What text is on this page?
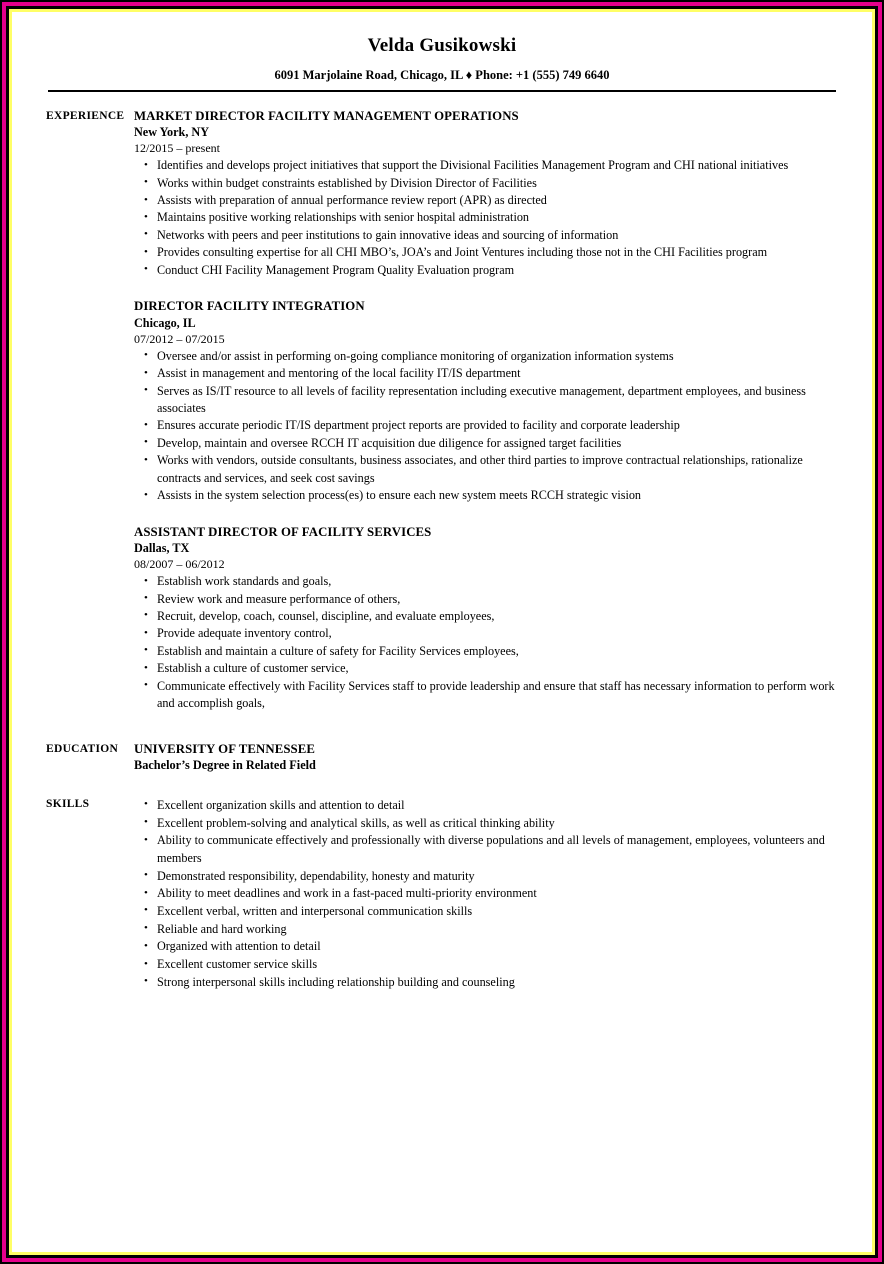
Velda Gusikowski
6091 Marjolaine Road, Chicago, IL ♦ Phone: +1 (555) 749 6640
EXPERIENCE MARKET DIRECTOR FACILITY MANAGEMENT OPERATIONS
New York, NY
12/2015 – present
• Identifies and develops project initiatives that support the Divisional Facilities Management Program and CHI national initiatives
• Works within budget constraints established by Division Director of Facilities
• Assists with preparation of annual performance review report (APR) as directed
• Maintains positive working relationships with senior hospital administration
• Networks with peers and peer institutions to gain innovative ideas and sourcing of information
• Provides consulting expertise for all CHI MBO’s, JOA’s and Joint Ventures including those not in the CHI Facilities program
• Conduct CHI Facility Management Program Quality Evaluation program
DIRECTOR FACILITY INTEGRATION
Chicago, IL
07/2012 – 07/2015
• Oversee and/or assist in performing on-going compliance monitoring of organization information systems
• Assist in management and mentoring of the local facility IT/IS department
• Serves as IS/IT resource to all levels of facility representation including executive management, department employees, and business associates
• Ensures accurate periodic IT/IS department project reports are provided to facility and corporate leadership
• Develop, maintain and oversee RCCH IT acquisition due diligence for assigned target facilities
• Works with vendors, outside consultants, business associates, and other third parties to improve contractual relationships, rationalize contracts and services, and seek cost savings
• Assists in the system selection process(es) to ensure each new system meets RCCH strategic vision
ASSISTANT DIRECTOR OF FACILITY SERVICES
Dallas, TX
08/2007 – 06/2012
• Establish work standards and goals,
• Review work and measure performance of others,
• Recruit, develop, coach, counsel, discipline, and evaluate employees,
• Provide adequate inventory control,
• Establish and maintain a culture of safety for Facility Services employees,
• Establish a culture of customer service,
• Communicate effectively with Facility Services staff to provide leadership and ensure that staff has necessary information to perform work and accomplish goals,
EDUCATION	UNIVERSITY OF TENNESSEE
Bachelor’s Degree in Related Field
SKILLS	• Excellent organization skills and attention to detail
• Excellent problem-solving and analytical skills, as well as critical thinking ability
• Ability to communicate effectively and professionally with diverse populations and all levels of management, employees, volunteers and members
• Demonstrated responsibility, dependability, honesty and maturity
• Ability to meet deadlines and work in a fast-paced multi-priority environment
• Excellent verbal, written and interpersonal communication skills
• Reliable and hard working
• Organized with attention to detail
• Excellent customer service skills
• Strong interpersonal skills including relationship building and counseling
